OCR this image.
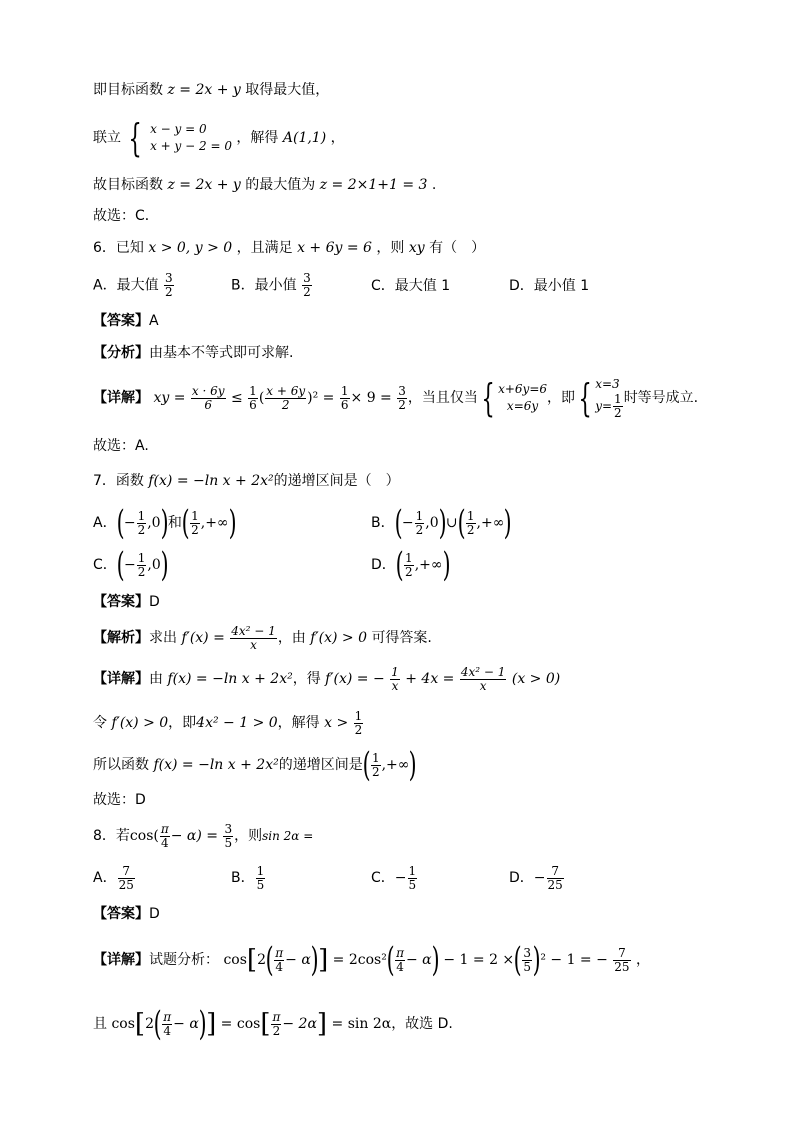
即目标函数 z = 2x + y 取得最大值，
联立 { x − y = 0
x + y − 2 = 0 ，解得 A(1,1) ，
故目标函数 z = 2x + y 的最大值为 z = 2×1+1 = 3 .
故选：C．
6．已知 x > 0, y > 0 ，且满足 x + 6y = 6 ，则 xy 有（　）
A．最大值 $\frac{3}{2}$	B．最小值 $\frac{3}{2}$	C．最大值 1	D．最小值 1
【答案】A
【分析】由基本不等式即可求解.
【详解】 xy = $\frac{x \cdot 6y}{6} \le \frac{1}{6}$ ( $\frac{x + 6y}{2} )^2 = \frac{1}{6} \times 9 = \frac{3}{2}$ ，当且仅当{ x+6y=6
x=6y ，即{ x=3
$y= \frac{1}{2}$ 时等号成立.
故选：A.
7．函数 f(x) = −ln x + 2x²的递增区间是（　）
A．(− $\frac{1}{2} ,0$)和( $\frac{1}{2}$ ,+∞)	B．(− $\frac{1}{2}$ ,0)∪( $\frac{1}{2}$ ,+∞)
C．(− $\frac{1}{2} ,0$)	D．( $\frac{1}{2}$ ,+∞)
【答案】D
【解析】求出 $f'(x) = \frac{\text{4x² − 1}}{x}$ ，由 f′(x) > 0 可得答案.
【详解】由 f(x) = −ln x + 2x²，得 f′(x) = − $\frac{1}{x} + 4x = \frac{\text{4x² − 1}}{x} (x > 0)$
令 f′(x) > 0，即4x² − 1 > 0，解得 $x > \frac{1}{2}$
所以函数 f(x) = −ln x + 2x²的递增区间是( $\frac{1}{2}$ ,+∞)
故选：D
8．若$\cos( \frac{\pi}{4} - \alpha) = \frac{3}{5}$ ，则sin 2α =
A． $\frac{7}{25}$	B． $\frac{1}{5}$	C．− $\frac{1}{5}$	D．− $\frac{7}{25}$
【答案】D
【详解】试题分析： $\cos[2( \frac{\pi}{4} - \alpha)] = 2\cos^2( \frac{\pi}{4} - \alpha) - 1 = 2$ ×( $\frac{3}{5} )^2 - 1$ = − $\frac{7}{25}$ ，
且 $\cos[2( \frac{\pi}{4} - \alpha)] = \cos[ \frac{\pi}{2} - 2\alpha] = \sin 2\alpha$，故选 D.
